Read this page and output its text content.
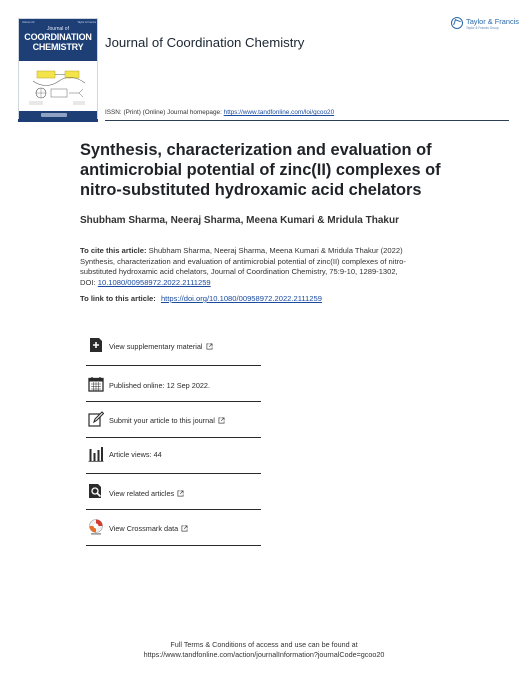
Volume 00	Taylor & Francis
Journal of
COORDINATION
CHEMISTRY	Journal of Coordination Chemistry
Taylor & Francis
Taylor & Francis Group
ISSN: (Print) (Online) Journal homepage: https://www.tandfonline.com/loi/gcoo20
Synthesis, characterization and evaluation of
antimicrobial potential of zinc(II) complexes of
nitro-substituted hydroxamic acid chelators
Shubham Sharma, Neeraj Sharma, Meena Kumari & Mridula Thakur
To cite this article: Shubham Sharma, Neeraj Sharma, Meena Kumari & Mridula Thakur (2022)
Synthesis, characterization and evaluation of antimicrobial potential of zinc(II) complexes of nitro-
substituted hydroxamic acid chelators, Journal of Coordination Chemistry, 75:9-10, 1289-1302,
DOI: 10.1080/00958972.2022.2111259
To link to this article: https://doi.org/10.1080/00958972.2022.2111259
View supplementary material
Published online: 12 Sep 2022.
Submit your article to this journal
Article views: 44
View related articles
View Crossmark data
Full Terms & Conditions of access and use can be found at
https://www.tandfonline.com/action/journalInformation?journalCode=gcoo20
